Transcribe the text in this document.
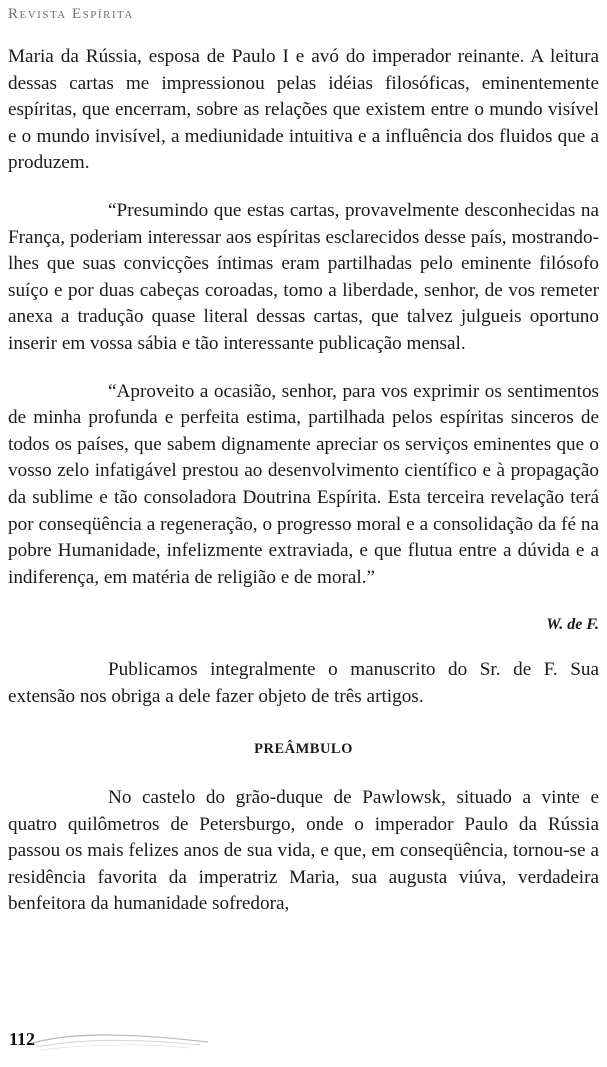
Revista Espírita

Maria da Rússia, esposa de Paulo I e avó do imperador reinante. A leitura dessas cartas me impressionou pelas idéias filosóficas, eminentemente espíritas, que encerram, sobre as relações que existem entre o mundo visível e o mundo invisível, a mediunidade intuitiva e a influência dos fluidos que a produzem.

“Presumindo que estas cartas, provavelmente desconhecidas na França, poderiam interessar aos espíritas esclarecidos desse país, mostrando-lhes que suas convicções íntimas eram partilhadas pelo eminente filósofo suíço e por duas cabeças coroadas, tomo a liberdade, senhor, de vos remeter anexa a tradução quase literal dessas cartas, que talvez julgueis oportuno inserir em vossa sábia e tão interessante publicação mensal.

“Aproveito a ocasião, senhor, para vos exprimir os sentimentos de minha profunda e perfeita estima, partilhada pelos espíritas sinceros de todos os países, que sabem dignamente apreciar os serviços eminentes que o vosso zelo infatigável prestou ao desenvolvimento científico e à propagação da sublime e tão consoladora Doutrina Espírita. Esta terceira revelação terá por conseqüência a regeneração, o progresso moral e a consolidação da fé na pobre Humanidade, infelizmente extraviada, e que flutua entre a dúvida e a indiferença, em matéria de religião e de moral.”

W. de F.

Publicamos integralmente o manuscrito do Sr. de F. Sua extensão nos obriga a dele fazer objeto de três artigos.

PREÂMBULO

No castelo do grão-duque de Pawlowsk, situado a vinte e quatro quilômetros de Petersburgo, onde o imperador Paulo da Rússia passou os mais felizes anos de sua vida, e que, em conseqüência, tornou-se a residência favorita da imperatriz Maria, sua augusta viúva, verdadeira benfeitora da humanidade sofredora,

112
